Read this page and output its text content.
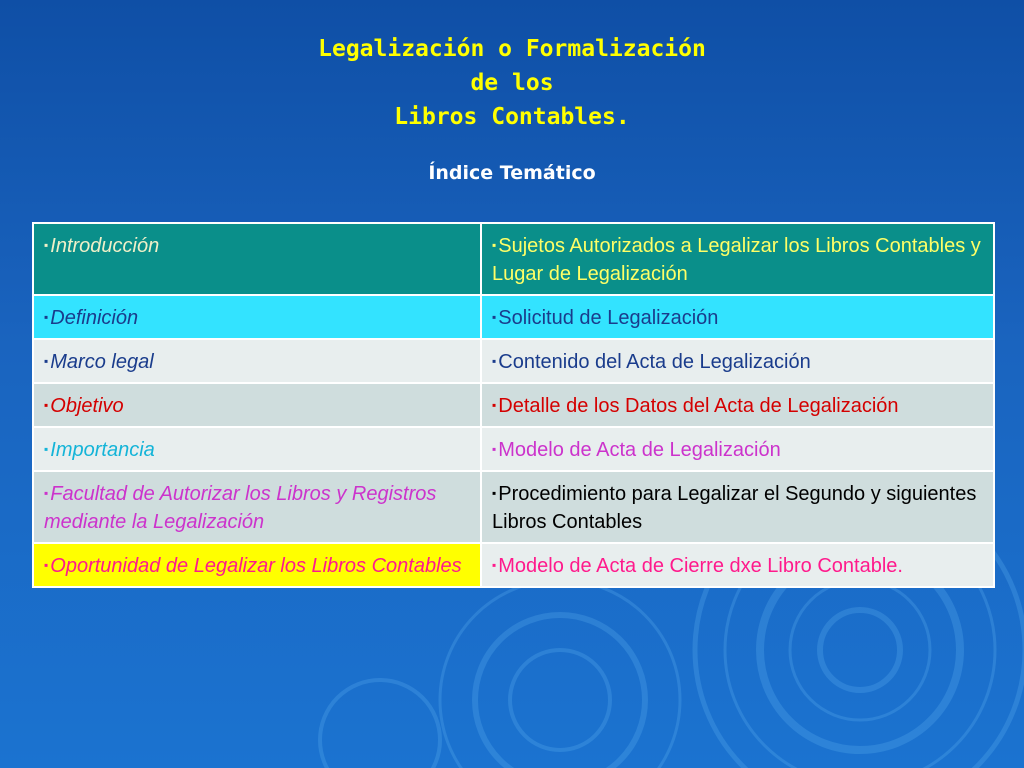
Legalización o Formalización
de los
Libros Contables.
Índice Temático
▪ Introducción	▪ Sujetos Autorizados a Legalizar los Libros Contables y Lugar de Legalización
▪ Definición	▪ Solicitud de Legalización
▪ Marco legal	▪ Contenido del Acta de Legalización
▪ Objetivo	▪ Detalle de los Datos del Acta de Legalización
▪ Importancia	▪ Modelo de Acta de Legalización
▪ Facultad de Autorizar los Libros y Registros mediante la Legalización	▪ Procedimiento para Legalizar el Segundo y siguientes Libros Contables
▪ Oportunidad de Legalizar los Libros Contables	▪ Modelo de Acta de Cierre dxe Libro Contable.
